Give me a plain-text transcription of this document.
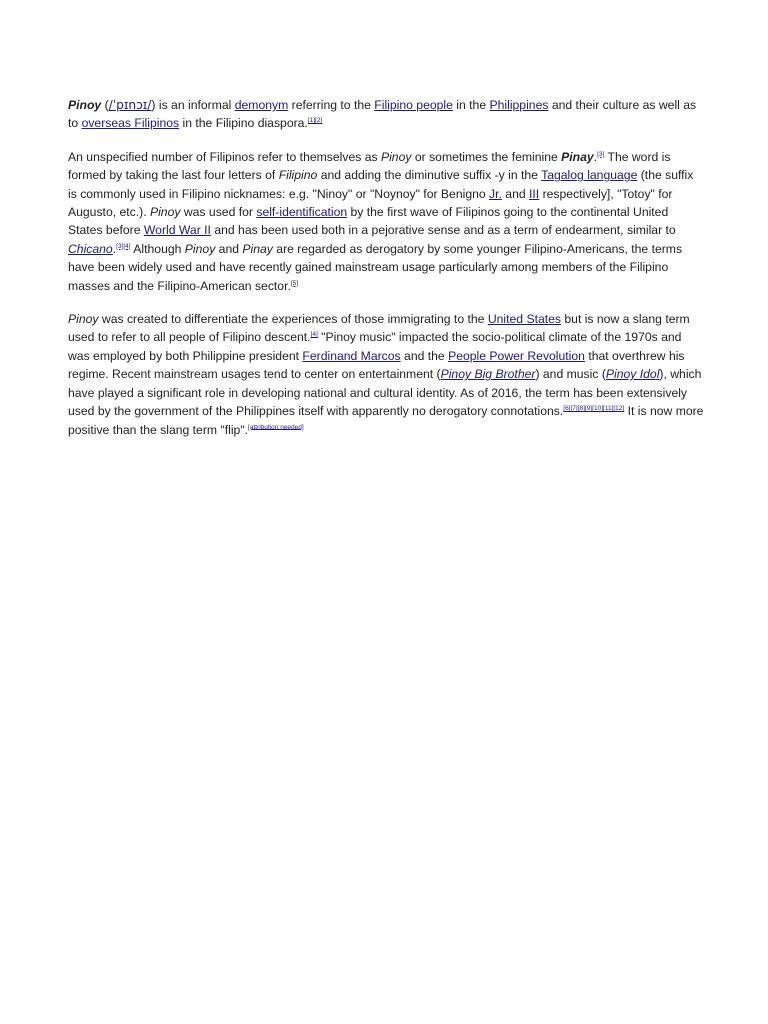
Pinoy (/ˈpɪnɔɪ/) is an informal demonym referring to the Filipino people in the Philippines and their culture as well as to overseas Filipinos in the Filipino diaspora.[1][2]

An unspecified number of Filipinos refer to themselves as Pinoy or sometimes the feminine Pinay.[3] The word is formed by taking the last four letters of Filipino and adding the diminutive suffix -y in the Tagalog language (the suffix is commonly used in Filipino nicknames: e.g. "Ninoy" or "Noynoy" for Benigno Jr. and III respectively], "Totoy" for Augusto, etc.). Pinoy was used for self-identification by the first wave of Filipinos going to the continental United States before World War II and has been used both in a pejorative sense and as a term of endearment, similar to Chicano.[3][4] Although Pinoy and Pinay are regarded as derogatory by some younger Filipino-Americans, the terms have been widely used and have recently gained mainstream usage particularly among members of the Filipino masses and the Filipino-American sector.[5]

Pinoy was created to differentiate the experiences of those immigrating to the United States but is now a slang term used to refer to all people of Filipino descent.[4] "Pinoy music" impacted the socio-political climate of the 1970s and was employed by both Philippine president Ferdinand Marcos and the People Power Revolution that overthrew his regime. Recent mainstream usages tend to center on entertainment (Pinoy Big Brother) and music (Pinoy Idol), which have played a significant role in developing national and cultural identity. As of 2016, the term has been extensively used by the government of the Philippines itself with apparently no derogatory connotations.[6][7][8][9][10][11][12] It is now more positive than the slang term "flip".[attribution needed]
